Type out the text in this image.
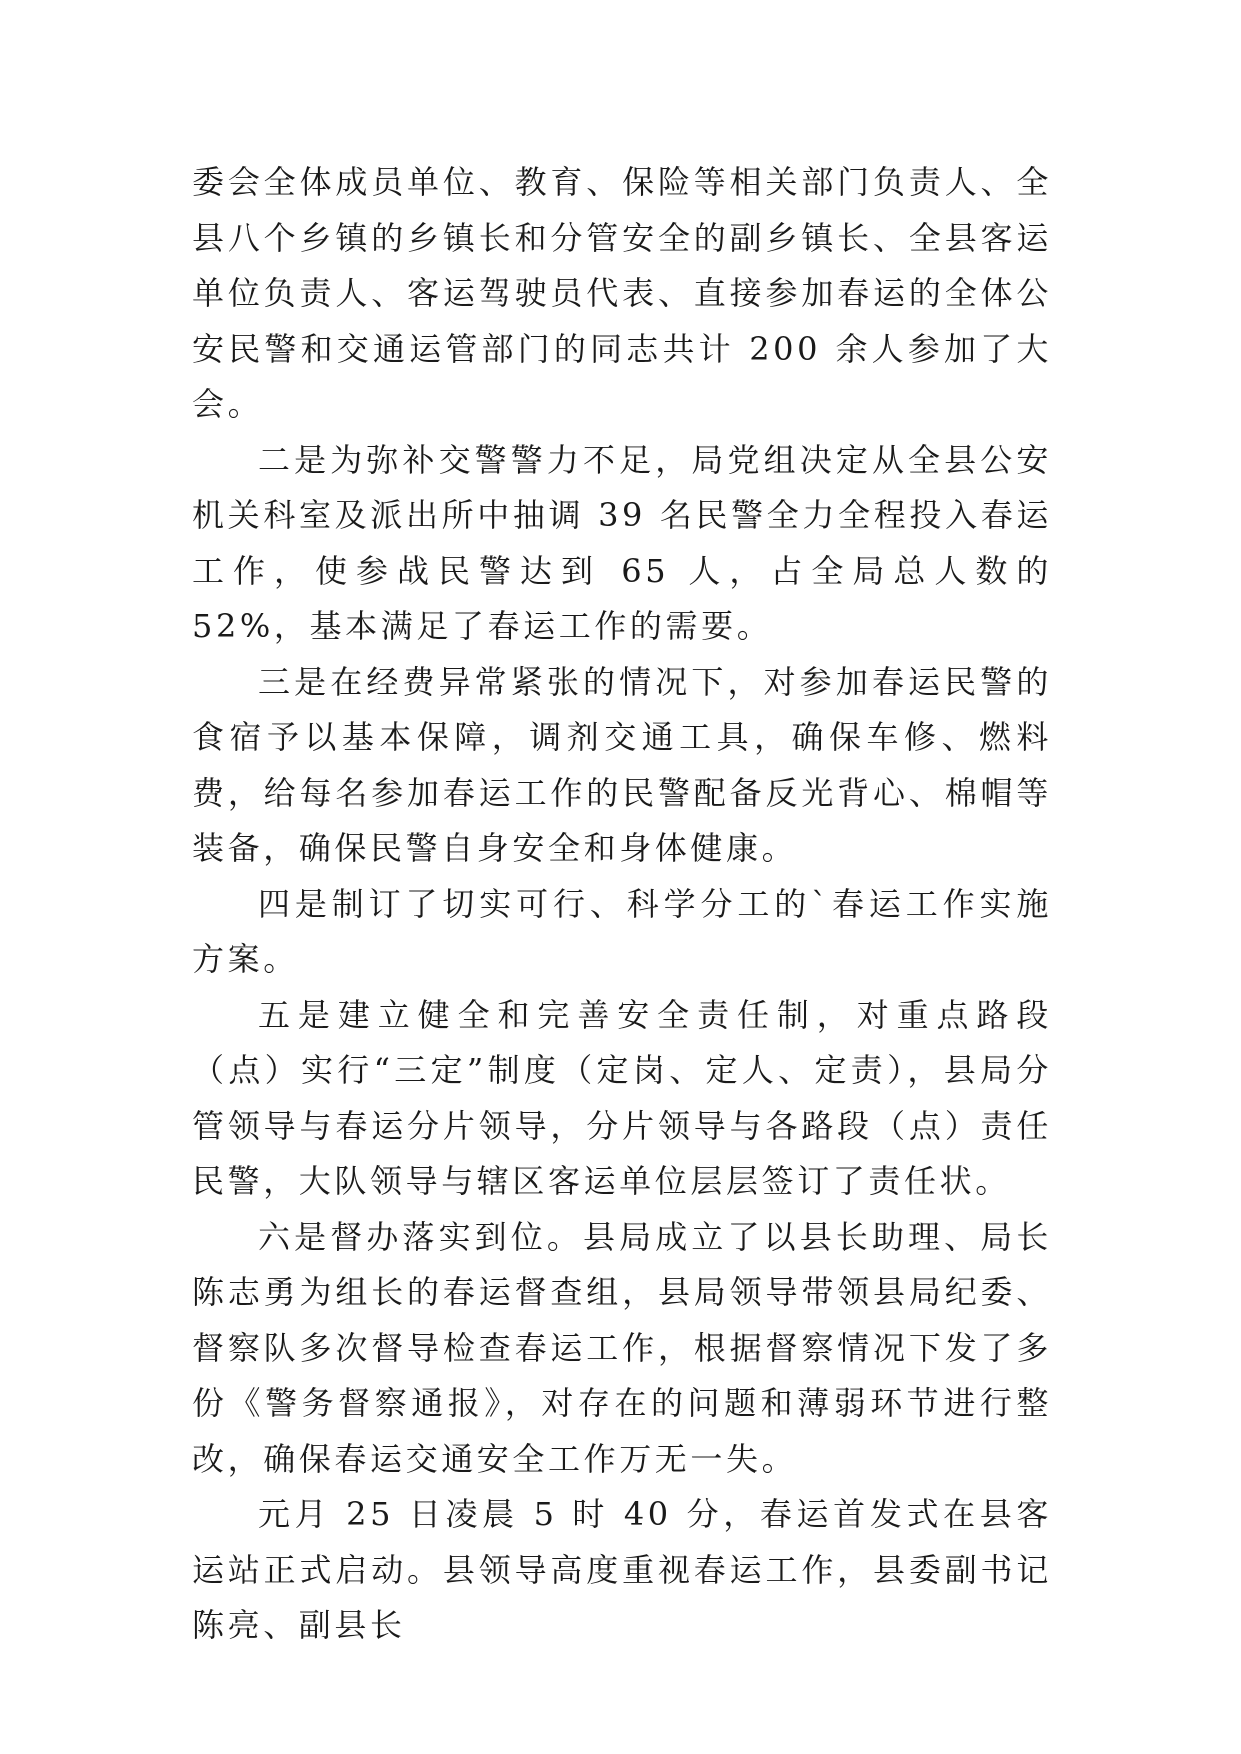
委会全体成员单位、教育、保险等相关部门负责人、全县八个乡镇的乡镇长和分管安全的副乡镇长、全县客运单位负责人、客运驾驶员代表、直接参加春运的全体公安民警和交通运管部门的同志共计 200 余人参加了大会。

二是为弥补交警警力不足，局党组决定从全县公安机关科室及派出所中抽调 39 名民警全力全程投入春运工作，使参战民警达到 65 人，占全局总人数的 52%，基本满足了春运工作的需要。

三是在经费异常紧张的情况下，对参加春运民警的食宿予以基本保障，调剂交通工具，确保车修、燃料费，给每名参加春运工作的民警配备反光背心、棉帽等装备，确保民警自身安全和身体健康。

四是制订了切实可行、科学分工的`春运工作实施方案。

五是建立健全和完善安全责任制，对重点路段（点）实行“三定”制度（定岗、定人、定责），县局分管领导与春运分片领导，分片领导与各路段（点）责任民警，大队领导与辖区客运单位层层签订了责任状。

六是督办落实到位。县局成立了以县长助理、局长陈志勇为组长的春运督查组，县局领导带领县局纪委、督察队多次督导检查春运工作，根据督察情况下发了多份《警务督察通报》，对存在的问题和薄弱环节进行整改，确保春运交通安全工作万无一失。

元月 25 日凌晨 5 时 40 分，春运首发式在县客运站正式启动。县领导高度重视春运工作，县委副书记陈亮、副县长
